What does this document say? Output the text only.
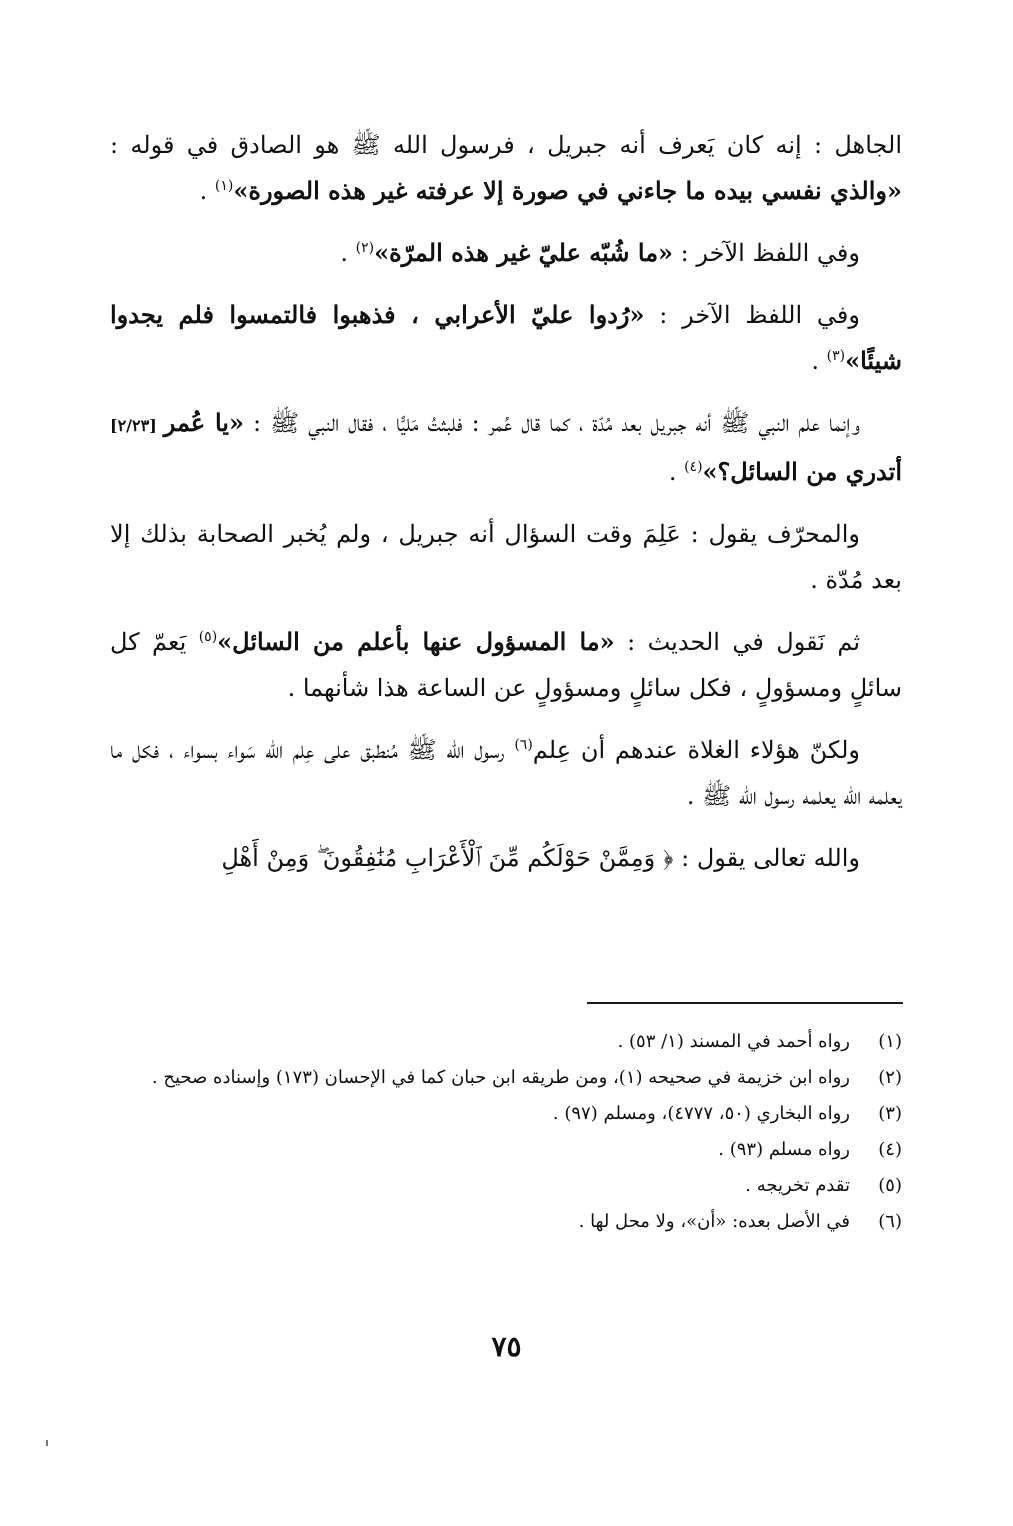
الجاهل : إنه كان يَعرف أنه جبريل ، فرسول الله ﷺ هو الصادق في قوله : «والذي نفسي بيده ما جاءني في صورة إلا عرفته غير هذه الصورة»$^{(١)}$ .

وفي اللفظ الآخر : «ما شُبّه عليّ غير هذه المرّة»$^{(٢)}$ .

وفي اللفظ الآخر : «رُدوا عليّ الأعرابي ، فذهبوا فالتمسوا فلم يجدوا شيئًا»$^{(٣)}$ .

وإنما علم النبي ﷺ أنه جبريل بعد مُدّة ، كما قال عُمر : فلبثتُ مَليًّا ، فقال النبي ﷺ : «يا عُمر [٢/٢٣] أتدري من السائل؟»$^{(٤)}$ .

والمحرّف يقول : عَلِمَ وقت السؤال أنه جبريل ، ولم يُخبر الصحابة بذلك إلا بعد مُدّة .

ثم نَقول في الحديث : «ما المسؤول عنها بأعلم من السائل»$^{(٥)}$ يَعمّ كل سائلٍ ومسؤولٍ ، فكل سائلٍ ومسؤولٍ عن الساعة هذا شأنهما .

ولكنّ هؤلاء الغلاة عندهم أن عِلم$^{(٦)}$ رسول الله ﷺ مُنطبق على عِلم الله سَواء بسواء ، فكل ما يعلمه الله يعلمه رسول الله ﷺ .

والله تعالى يقول : ﴿ وَمِمَّنْ حَوْلَكُم مِّنَ ٱلْأَعْرَابِ مُنَٰفِقُونَ ۖ وَمِنْ أَهْلِ

(١)
رواه أحمد في المسند (١/ ٥٣) .
(٢)
رواه ابن خزيمة في صحيحه (١)، ومن طريقه ابن حبان كما في الإحسان (١٧٣) وإسناده صحيح .
(٣)
رواه البخاري (٥٠، ٤٧٧٧)، ومسلم (٩٧) .
(٤)
رواه مسلم (٩٣) .
(٥)
تقدم تخريجه .
(٦)
في الأصل بعده: «أن»، ولا محل لها .
٧٥
